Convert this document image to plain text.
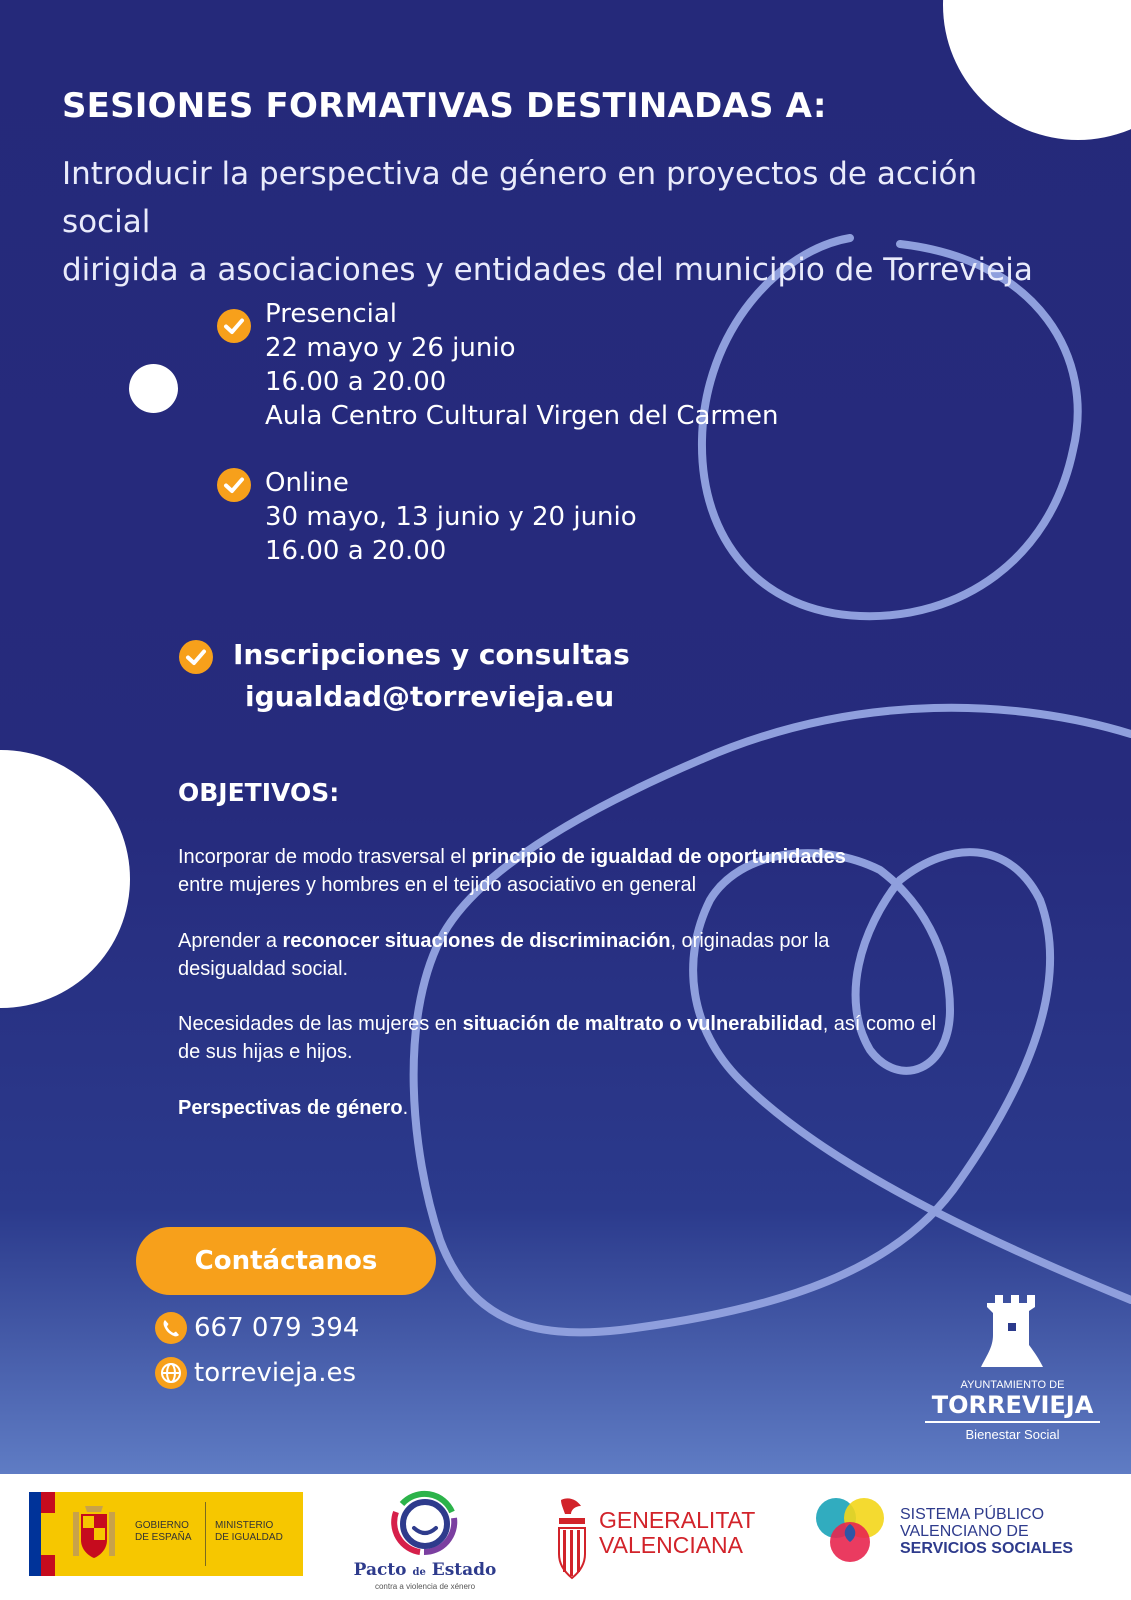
SESIONES FORMATIVAS DESTINADAS A:
Introducir la perspectiva de género en proyectos de acción social
dirigida a asociaciones y entidades del municipio de Torrevieja
Presencial
22 mayo y 26 junio
16.00 a 20.00
Aula Centro Cultural Virgen del Carmen
Online
30 mayo, 13 junio y 20 junio
16.00 a 20.00
Inscripciones y consultas
igualdad@torrevieja.eu
OBJETIVOS:
Incorporar de modo trasversal el principio de igualdad de oportunidades
entre mujeres y hombres en el tejido asociativo en general
Aprender a reconocer situaciones de discriminación, originadas por la desigualdad social.
Necesidades de las mujeres en situación de maltrato o vulnerabilidad, así como el de sus hijas e hijos.
Perspectivas de género.
Contáctanos
667 079 394
torrevieja.es	AYUNTAMIENTO DE
TORREVIEJA
Bienestar Social
GOBIERNO
DE ESPAÑA
MINISTERIO
DE IGUALDAD
Pacto de Estado
contra a violencia de xénero
GENERALITAT
VALENCIANA
SISTEMA PÚBLICO
VALENCIANO DE
SERVICIOS SOCIALES
